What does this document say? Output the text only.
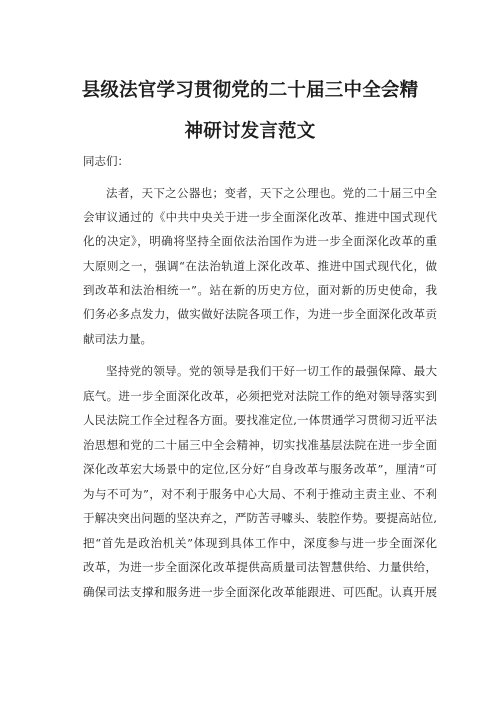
县级法官学习贯彻党的二十届三中全会精
神研讨发言范文
同志们：
法者，天下之公器也；变者，天下之公理也。党的二十届三中全
会审议通过的《中共中央关于进一步全面深化改革、推进中国式现代
化的决定》，明确将坚持全面依法治国作为进一步全面深化改革的重
大原则之一，强调“在法治轨道上深化改革、推进中国式现代化，做
到改革和法治相统一”。站在新的历史方位，面对新的历史使命，我
们务必多点发力，做实做好法院各项工作，为进一步全面深化改革贡
献司法力量。
坚持党的领导。党的领导是我们干好一切工作的最强保障、最大
底气。进一步全面深化改革，必须把党对法院工作的绝对领导落实到
人民法院工作全过程各方面。要找准定位,一体贯通学习贯彻习近平法
治思想和党的二十届三中全会精神，切实找准基层法院在进一步全面
深化改革宏大场景中的定位,区分好“自身改革与服务改革”，厘清“可
为与不可为”，对不利于服务中心大局、不利于推动主责主业、不利
于解决突出问题的坚决弃之，严防苦寻噱头、装腔作势。要提高站位,
把“首先是政治机关”体现到具体工作中，深度参与进一步全面深化
改革，为进一步全面深化改革提供高质量司法智慧供给、力量供给，
确保司法支撑和服务进一步全面深化改革能跟进、可匹配。认真开展
